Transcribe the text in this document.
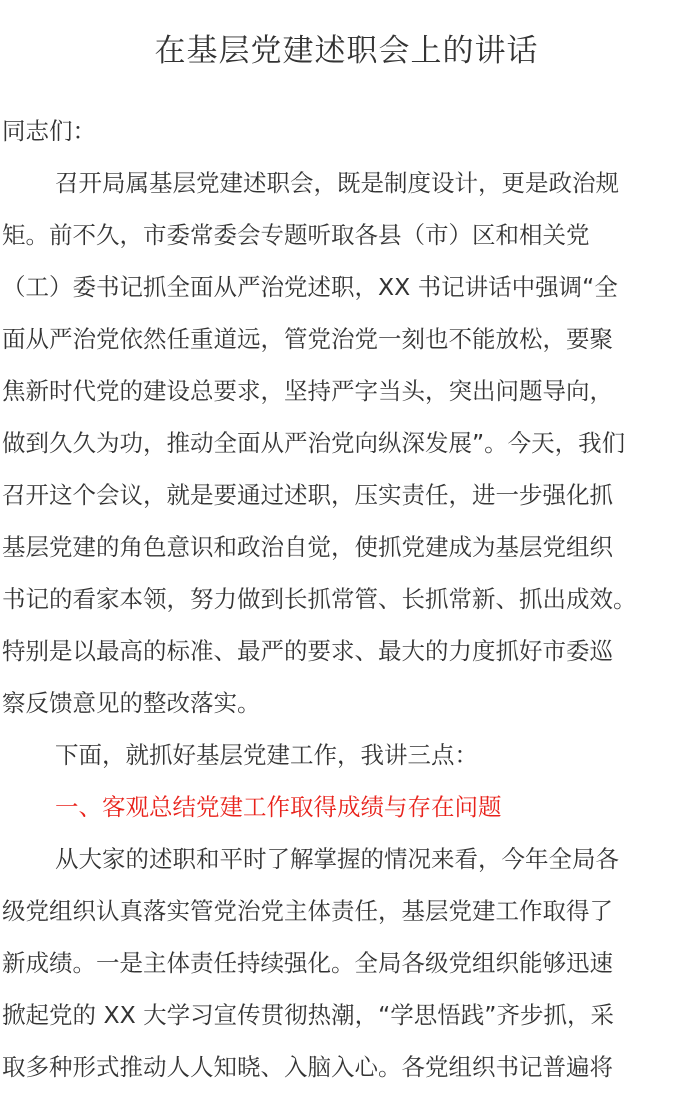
在基层党建述职会上的讲话
同志们：
召开局属基层党建述职会，既是制度设计，更是政治规
矩。前不久，市委常委会专题听取各县（市）区和相关党
（工）委书记抓全面从严治党述职，XX 书记讲话中强调“全
面从严治党依然任重道远，管党治党一刻也不能放松，要聚
焦新时代党的建设总要求，坚持严字当头，突出问题导向，
做到久久为功，推动全面从严治党向纵深发展”。今天，我们
召开这个会议，就是要通过述职，压实责任，进一步强化抓
基层党建的角色意识和政治自觉，使抓党建成为基层党组织
书记的看家本领，努力做到长抓常管、长抓常新、抓出成效。
特别是以最高的标准、最严的要求、最大的力度抓好市委巡
察反馈意见的整改落实。
下面，就抓好基层党建工作，我讲三点：
一、客观总结党建工作取得成绩与存在问题
从大家的述职和平时了解掌握的情况来看，今年全局各
级党组织认真落实管党治党主体责任，基层党建工作取得了
新成绩。一是主体责任持续强化。全局各级党组织能够迅速
掀起党的 XX 大学习宣传贯彻热潮，“学思悟践”齐步抓，采
取多种形式推动人人知晓、入脑入心。各党组织书记普遍将
